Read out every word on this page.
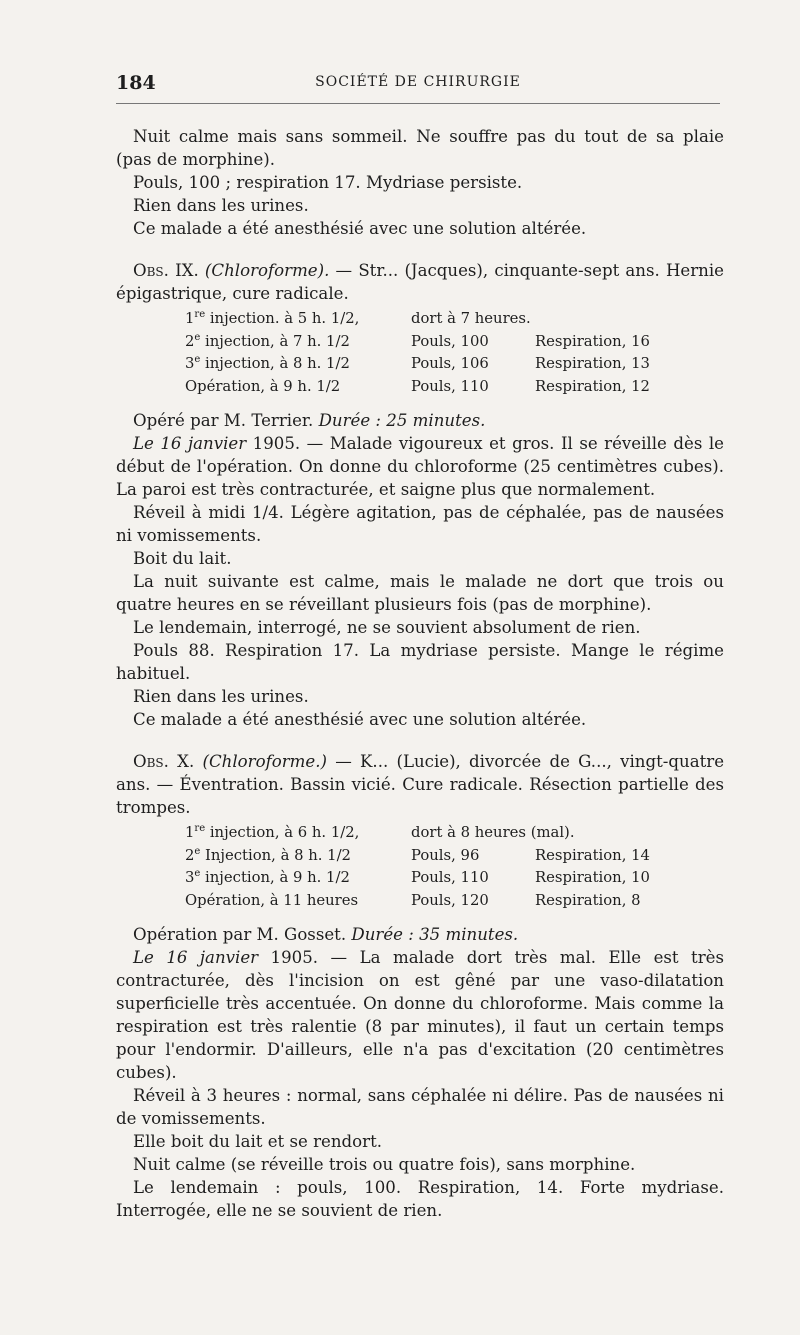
184	SOCIÉTÉ DE CHIRURGIE

Nuit calme mais sans sommeil. Ne souffre pas du tout de sa plaie (pas de morphine).

Pouls, 100 ; respiration 17. Mydriase persiste.

Rien dans les urines.

Ce malade a été anesthésié avec une solution altérée.

Obs. IX. (Chloroforme). — Str... (Jacques), cinquante-sept ans. Hernie épigastrique, cure radicale.

1re injection. à 5 h. 1/2,	dort à 7 heures.	
2e injection, à 7 h. 1/2	Pouls, 100	Respiration, 16
3e injection, à 8 h. 1/2	Pouls, 106	Respiration, 13
Opération, à 9 h. 1/2	Pouls, 110	Respiration, 12

Opéré par M. Terrier. Durée : 25 minutes.

Le 16 janvier 1905. — Malade vigoureux et gros. Il se réveille dès le début de l'opération. On donne du chloroforme (25 centimètres cubes). La paroi est très contracturée, et saigne plus que normalement.

Réveil à midi 1/4. Légère agitation, pas de céphalée, pas de nausées ni vomissements.

Boit du lait.

La nuit suivante est calme, mais le malade ne dort que trois ou quatre heures en se réveillant plusieurs fois (pas de morphine).

Le lendemain, interrogé, ne se souvient absolument de rien.

Pouls 88. Respiration 17. La mydriase persiste. Mange le régime habituel.

Rien dans les urines.

Ce malade a été anesthésié avec une solution altérée.

Obs. X. (Chloroforme.) — K... (Lucie), divorcée de G..., vingt-quatre ans. — Éventration. Bassin vicié. Cure radicale. Résection partielle des trompes.

1re injection, à 6 h. 1/2,	dort à 8 heures (mal).	
2e Injection, à 8 h. 1/2	Pouls, 96	Respiration, 14
3e injection, à 9 h. 1/2	Pouls, 110	Respiration, 10
Opération, à 11 heures	Pouls, 120	Respiration, 8

Opération par M. Gosset. Durée : 35 minutes.

Le 16 janvier 1905. — La malade dort très mal. Elle est très contracturée, dès l'incision on est gêné par une vaso-dilatation superficielle très accentuée. On donne du chloroforme. Mais comme la respiration est très ralentie (8 par minutes), il faut un certain temps pour l'endormir. D'ailleurs, elle n'a pas d'excitation (20 centimètres cubes).

Réveil à 3 heures : normal, sans céphalée ni délire. Pas de nausées ni de vomissements.

Elle boit du lait et se rendort.

Nuit calme (se réveille trois ou quatre fois), sans morphine.

Le lendemain : pouls, 100. Respiration, 14. Forte mydriase. Interrogée, elle ne se souvient de rien.
